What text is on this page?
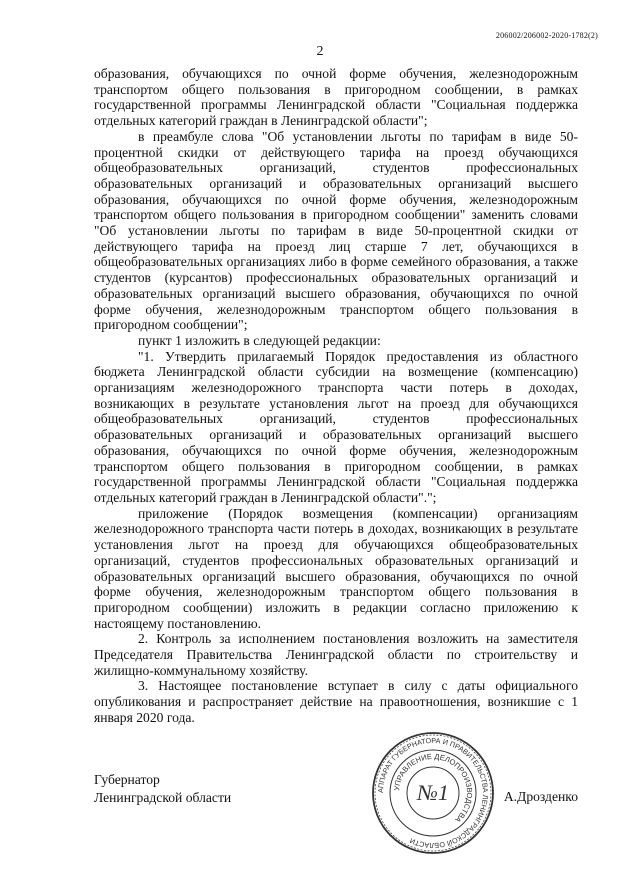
206002/206002-2020-1782(2)
2

образования, обучающихся по очной форме обучения, железнодорожным транспортом общего пользования в пригородном сообщении, в рамках государственной программы Ленинградской области "Социальная поддержка отдельных категорий граждан в Ленинградской области";

в преамбуле слова "Об установлении льготы по тарифам в виде 50-процентной скидки от действующего тарифа на проезд обучающихся общеобразовательных организаций, студентов профессиональных образовательных организаций и образовательных организаций высшего образования, обучающихся по очной форме обучения, железнодорожным транспортом общего пользования в пригородном сообщении" заменить словами "Об установлении льготы по тарифам в виде 50-процентной скидки от действующего тарифа на проезд лиц старше 7 лет, обучающихся в общеобразовательных организациях либо в форме семейного образования, а также студентов (курсантов) профессиональных образовательных организаций и образовательных организаций высшего образования, обучающихся по очной форме обучения, железнодорожным транспортом общего пользования в пригородном сообщении";

пункт 1 изложить в следующей редакции:

"1. Утвердить прилагаемый Порядок предоставления из областного бюджета Ленинградской области субсидии на возмещение (компенсацию) организациям железнодорожного транспорта части потерь в доходах, возникающих в результате установления льгот на проезд для обучающихся общеобразовательных организаций, студентов профессиональных образовательных организаций и образовательных организаций высшего образования, обучающихся по очной форме обучения, железнодорожным транспортом общего пользования в пригородном сообщении, в рамках государственной программы Ленинградской области "Социальная поддержка отдельных категорий граждан в Ленинградской области".";

приложение (Порядок возмещения (компенсации) организациям железнодорожного транспорта части потерь в доходах, возникающих в результате установления льгот на проезд для обучающихся общеобразовательных организаций, студентов профессиональных образовательных организаций и образовательных организаций высшего образования, обучающихся по очной форме обучения, железнодорожным транспортом общего пользования в пригородном сообщении) изложить в редакции согласно приложению к настоящему постановлению.

2. Контроль за исполнением постановления возложить на заместителя Председателя Правительства Ленинградской области по строительству и жилищно-коммунальному хозяйству.

3. Настоящее постановление вступает в силу с даты официального опубликования и распространяет действие на правоотношения, возникшие с 1 января 2020 года.

Губернатор
Ленинградской области	А.Дрозденко
АППАРАТ ГУБЕРНАТОРА И ПРАВИТЕЛЬСТВА ЛЕНИНГРАДСКОЙ ОБЛАСТИ
УПРАВЛЕНИЕ ДЕЛОПРОИЗВОДСТВА
№1
